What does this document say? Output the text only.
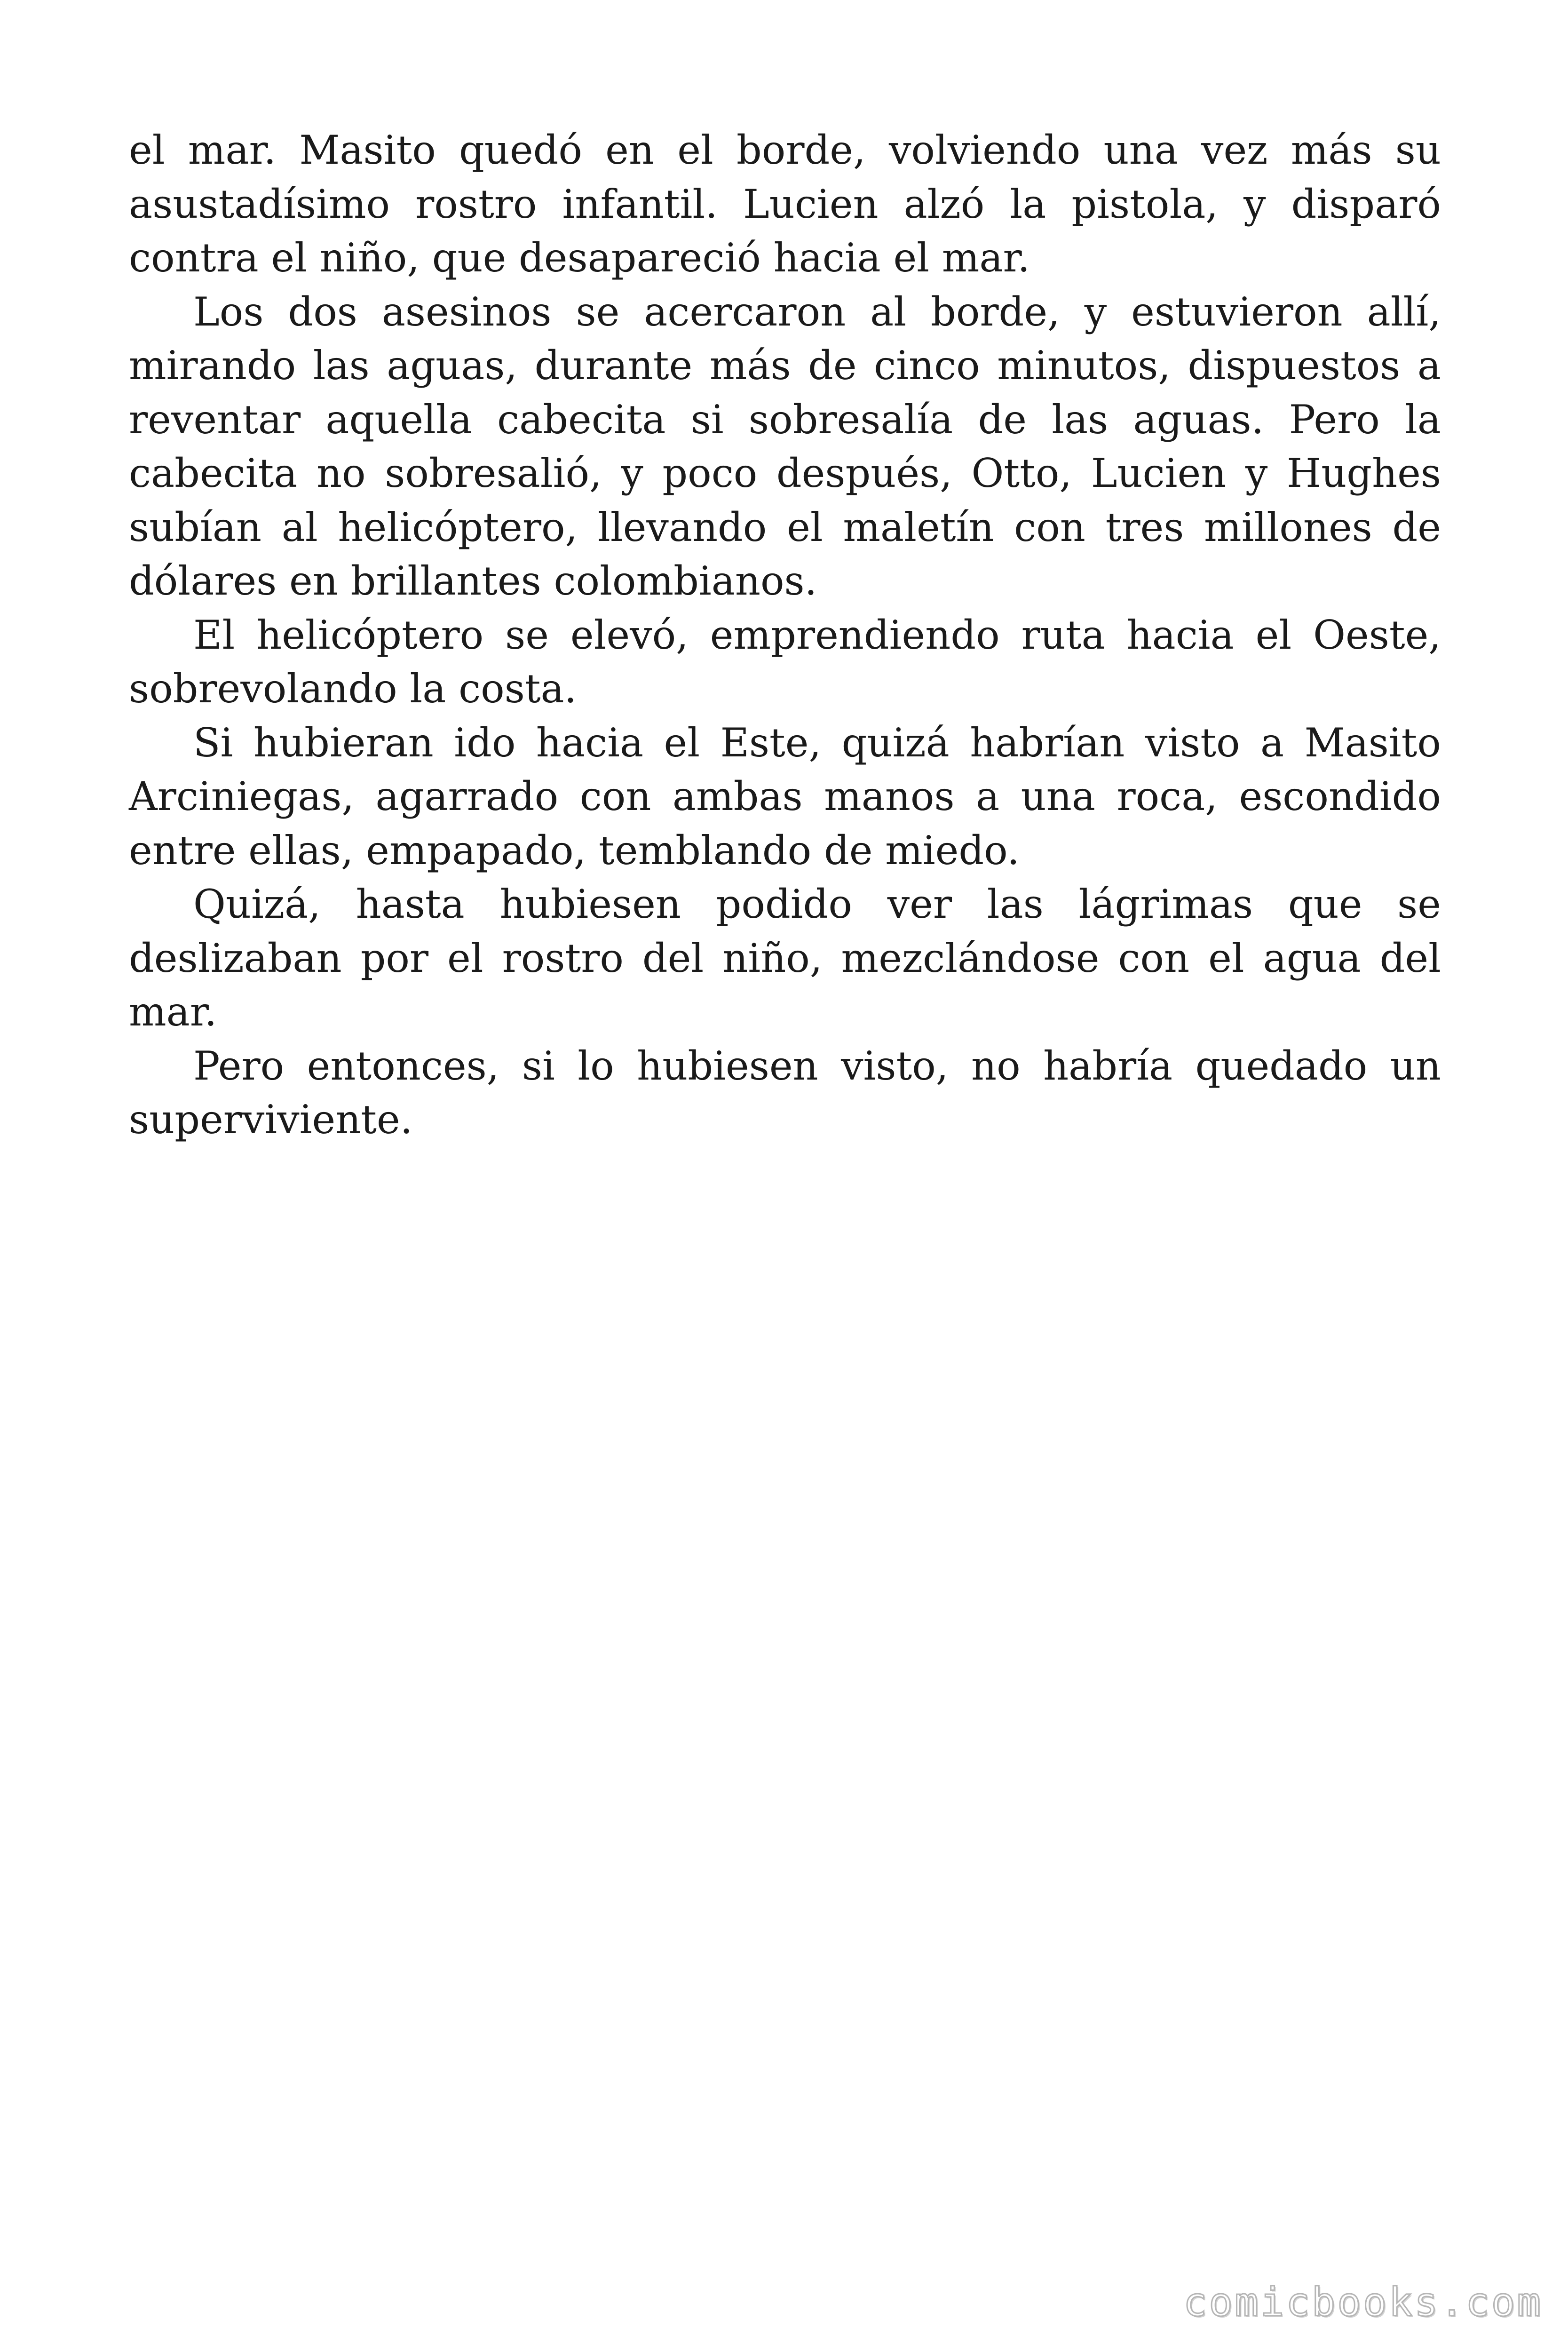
el mar. Masito quedó en el borde, volviendo una vez más su asustadísimo rostro infantil. Lucien alzó la pistola, y disparó contra el niño, que desapareció hacia el mar.

Los dos asesinos se acercaron al borde, y estuvieron allí, mirando las aguas, durante más de cinco minutos, dispuestos a reventar aquella cabecita si sobresalía de las aguas. Pero la cabecita no sobresalió, y poco después, Otto, Lucien y Hughes subían al helicóptero, llevando el maletín con tres millones de dólares en brillantes colombianos.

El helicóptero se elevó, emprendiendo ruta hacia el Oeste, sobrevolando la costa.

Si hubieran ido hacia el Este, quizá habrían visto a Masito Arciniegas, agarrado con ambas manos a una roca, escondido entre ellas, empapado, temblando de miedo.

Quizá, hasta hubiesen podido ver las lágrimas que se deslizaban por el rostro del niño, mezclándose con el agua del mar.

Pero entonces, si lo hubiesen visto, no habría quedado un superviviente.

comicbooks.com
